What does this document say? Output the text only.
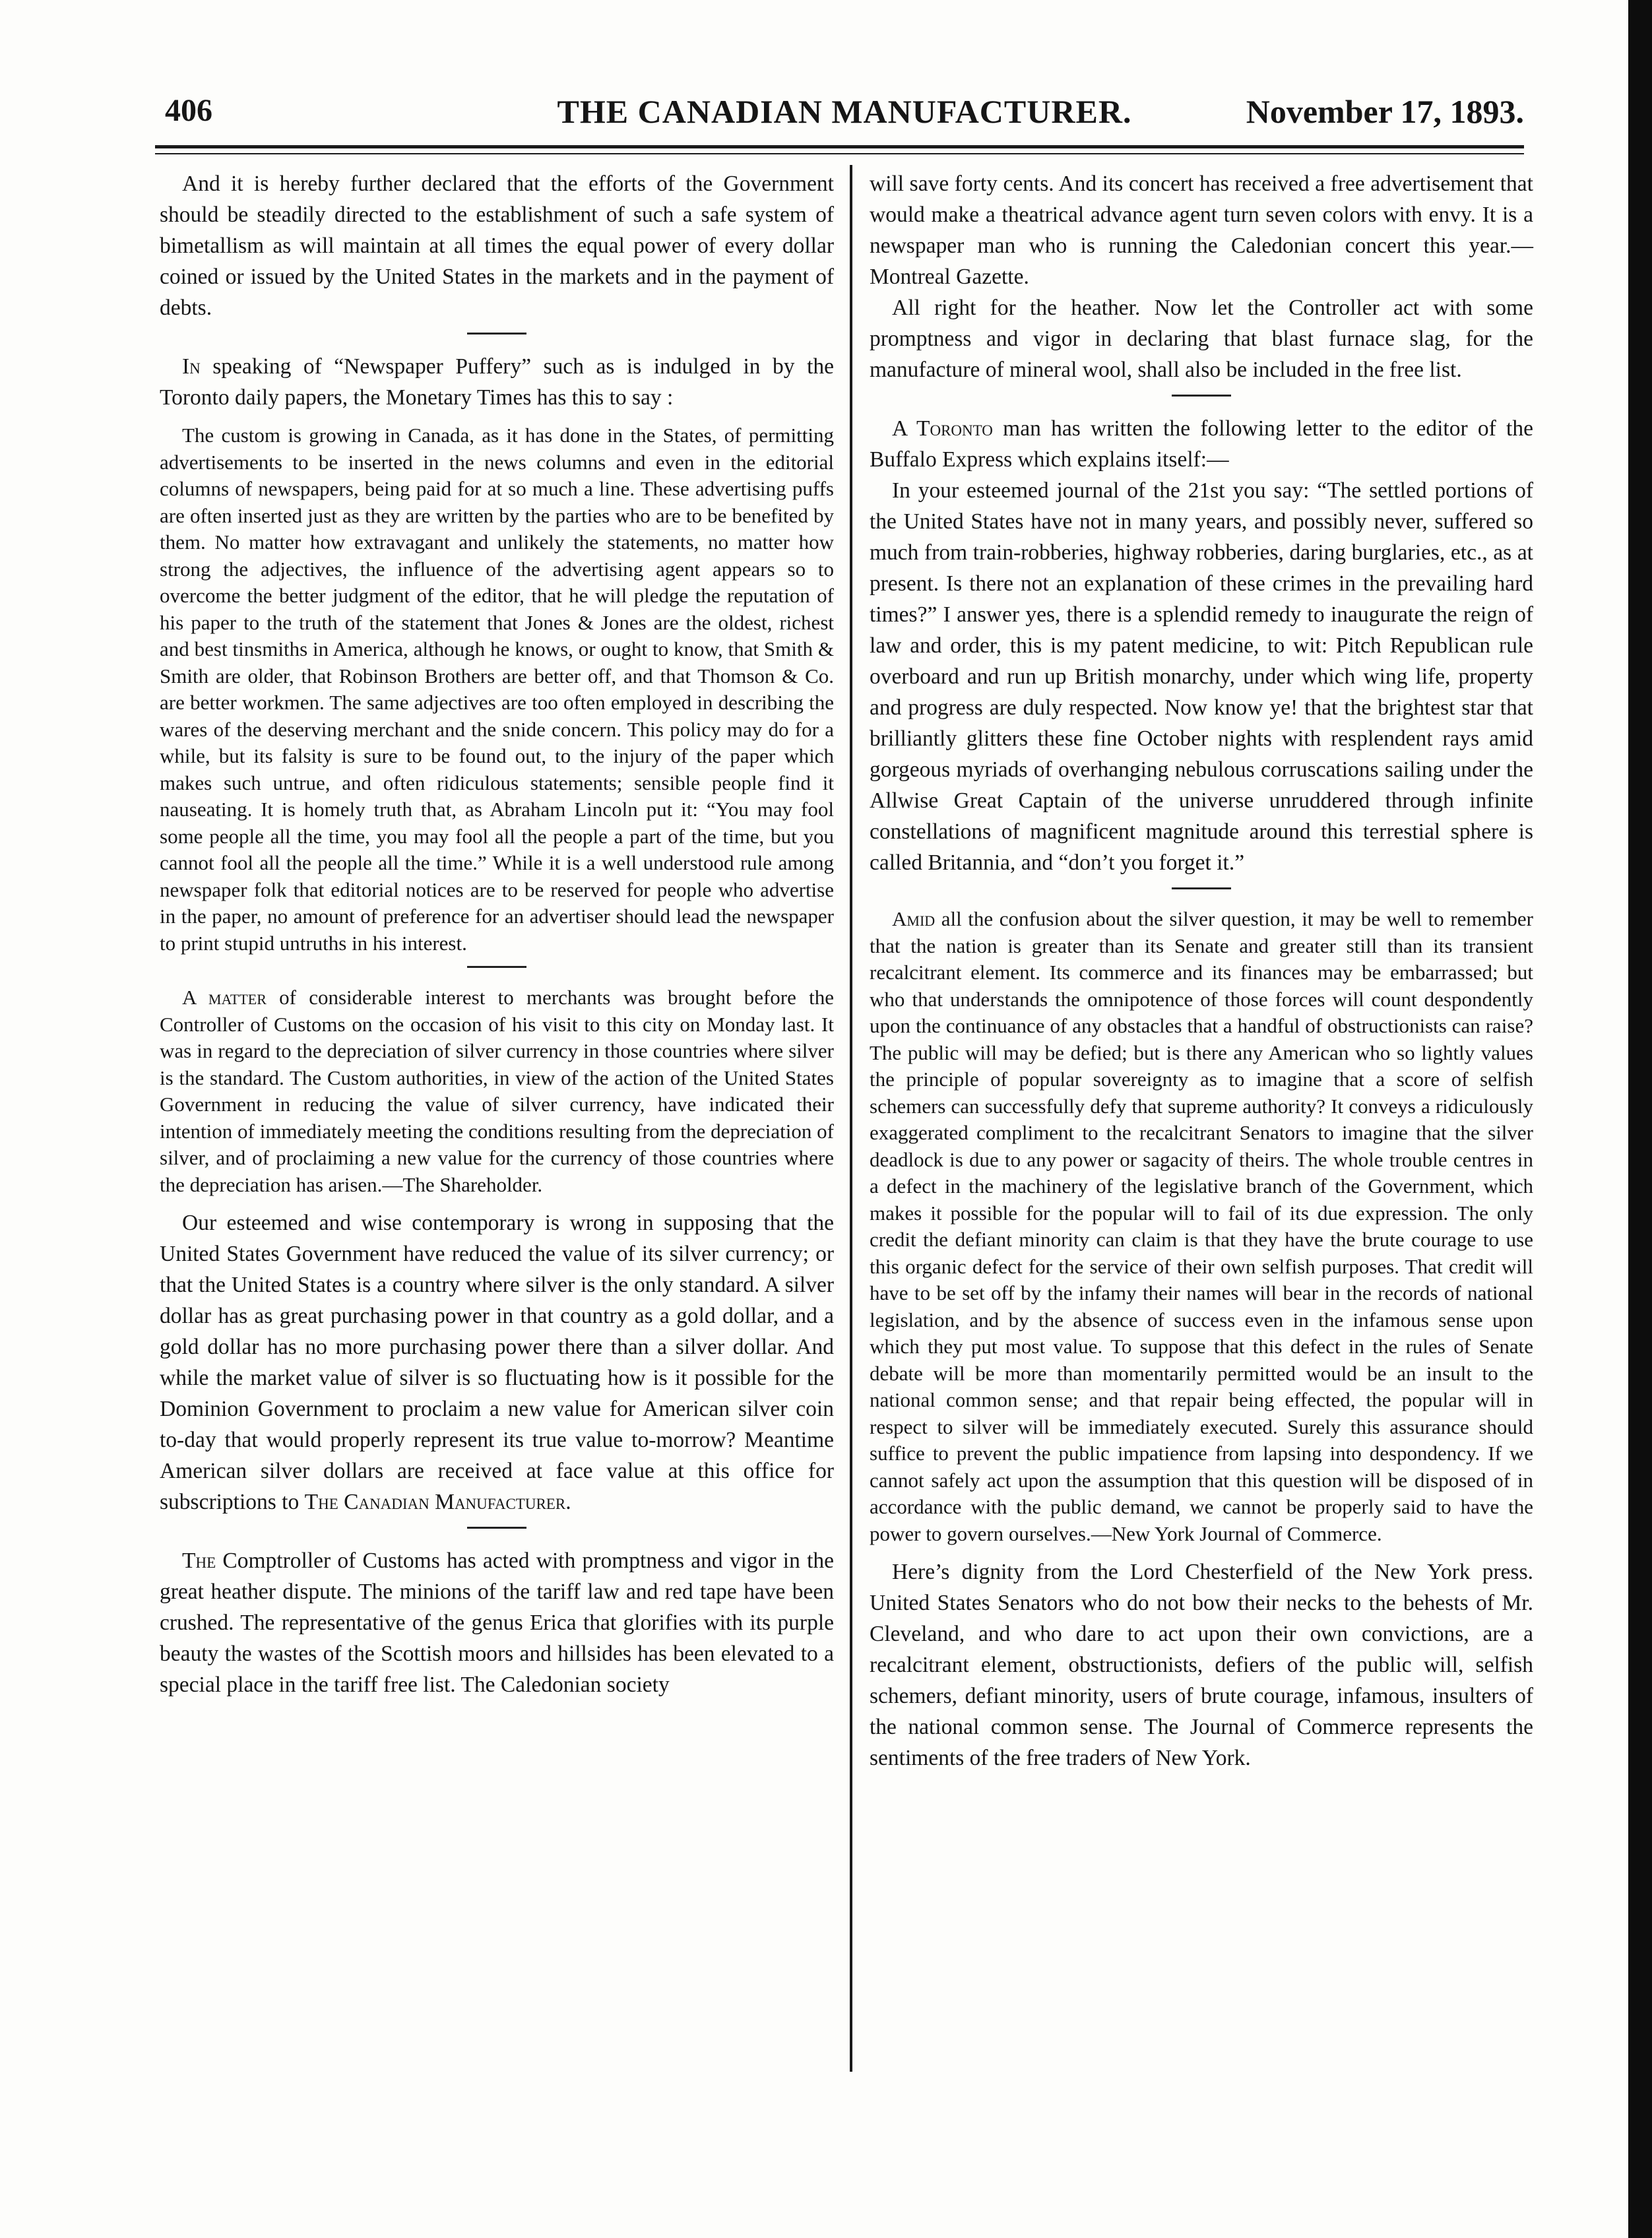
406	THE CANADIAN MANUFACTURER.	November 17, 1893.

And it is hereby further declared that the efforts of the Government should be steadily directed to the establishment of such a safe system of bimetallism as will maintain at all times the equal power of every dollar coined or issued by the United States in the markets and in the payment of debts.

In speaking of “Newspaper Puffery” such as is indulged in by the Toronto daily papers, the Monetary Times has this to say :

The custom is growing in Canada, as it has done in the States, of permitting advertisements to be inserted in the news columns and even in the editorial columns of newspapers, being paid for at so much a line. These advertising puffs are often inserted just as they are written by the parties who are to be benefited by them. No matter how extravagant and unlikely the statements, no matter how strong the adjectives, the influence of the advertising agent appears so to overcome the better judgment of the editor, that he will pledge the reputation of his paper to the truth of the statement that Jones & Jones are the oldest, richest and best tinsmiths in America, although he knows, or ought to know, that Smith & Smith are older, that Robinson Brothers are better off, and that Thomson & Co. are better workmen. The same adjectives are too often employed in describing the wares of the deserving merchant and the snide concern. This policy may do for a while, but its falsity is sure to be found out, to the injury of the paper which makes such untrue, and often ridiculous statements; sensible people find it nauseating. It is homely truth that, as Abraham Lincoln put it: “You may fool some people all the time, you may fool all the people a part of the time, but you cannot fool all the people all the time.” While it is a well understood rule among newspaper folk that editorial notices are to be reserved for people who advertise in the paper, no amount of preference for an advertiser should lead the newspaper to print stupid untruths in his interest.

A matter of considerable interest to merchants was brought before the Controller of Customs on the occasion of his visit to this city on Monday last. It was in regard to the depreciation of silver currency in those countries where silver is the standard. The Custom authorities, in view of the action of the United States Government in reducing the value of silver currency, have indicated their intention of immediately meeting the conditions resulting from the depreciation of silver, and of proclaiming a new value for the currency of those countries where the depreciation has arisen.—The Shareholder.

Our esteemed and wise contemporary is wrong in supposing that the United States Government have reduced the value of its silver currency; or that the United States is a country where silver is the only standard. A silver dollar has as great purchasing power in that country as a gold dollar, and a gold dollar has no more purchasing power there than a silver dollar. And while the market value of silver is so fluctuating how is it possible for the Dominion Government to proclaim a new value for American silver coin to-day that would properly represent its true value to-morrow? Meantime American silver dollars are received at face value at this office for subscriptions to The Canadian Manufacturer.

The Comptroller of Customs has acted with promptness and vigor in the great heather dispute. The minions of the tariff law and red tape have been crushed. The representative of the genus Erica that glorifies with its purple beauty the wastes of the Scottish moors and hillsides has been elevated to a special place in the tariff free list. The Caledonian society

will save forty cents. And its concert has received a free advertisement that would make a theatrical advance agent turn seven colors with envy. It is a newspaper man who is running the Caledonian concert this year.—Montreal Gazette.

All right for the heather. Now let the Controller act with some promptness and vigor in declaring that blast furnace slag, for the manufacture of mineral wool, shall also be included in the free list.

A Toronto man has written the following letter to the editor of the Buffalo Express which explains itself:—

In your esteemed journal of the 21st you say: “The settled portions of the United States have not in many years, and possibly never, suffered so much from train-robberies, highway robberies, daring burglaries, etc., as at present. Is there not an explanation of these crimes in the prevailing hard times?” I answer yes, there is a splendid remedy to inaugurate the reign of law and order, this is my patent medicine, to wit: Pitch Republican rule overboard and run up British monarchy, under which wing life, property and progress are duly respected. Now know ye! that the brightest star that brilliantly glitters these fine October nights with resplendent rays amid gorgeous myriads of overhanging nebulous corruscations sailing under the Allwise Great Captain of the universe unruddered through infinite constellations of magnificent magnitude around this terrestial sphere is called Britannia, and “don’t you forget it.”

Amid all the confusion about the silver question, it may be well to remember that the nation is greater than its Senate and greater still than its transient recalcitrant element. Its commerce and its finances may be embarrassed; but who that understands the omnipotence of those forces will count despondently upon the continuance of any obstacles that a handful of obstructionists can raise? The public will may be defied; but is there any American who so lightly values the principle of popular sovereignty as to imagine that a score of selfish schemers can successfully defy that supreme authority? It conveys a ridiculously exaggerated compliment to the recalcitrant Senators to imagine that the silver deadlock is due to any power or sagacity of theirs. The whole trouble centres in a defect in the machinery of the legislative branch of the Government, which makes it possible for the popular will to fail of its due expression. The only credit the defiant minority can claim is that they have the brute courage to use this organic defect for the service of their own selfish purposes. That credit will have to be set off by the infamy their names will bear in the records of national legislation, and by the absence of success even in the infamous sense upon which they put most value. To suppose that this defect in the rules of Senate debate will be more than momentarily permitted would be an insult to the national common sense; and that repair being effected, the popular will in respect to silver will be immediately executed. Surely this assurance should suffice to prevent the public impatience from lapsing into despondency. If we cannot safely act upon the assumption that this question will be disposed of in accordance with the public demand, we cannot be properly said to have the power to govern ourselves.—New York Journal of Commerce.

Here’s dignity from the Lord Chesterfield of the New York press. United States Senators who do not bow their necks to the behests of Mr. Cleveland, and who dare to act upon their own convictions, are a recalcitrant element, obstructionists, defiers of the public will, selfish schemers, defiant minority, users of brute courage, infamous, insulters of the national common sense. The Journal of Commerce represents the sentiments of the free traders of New York.
